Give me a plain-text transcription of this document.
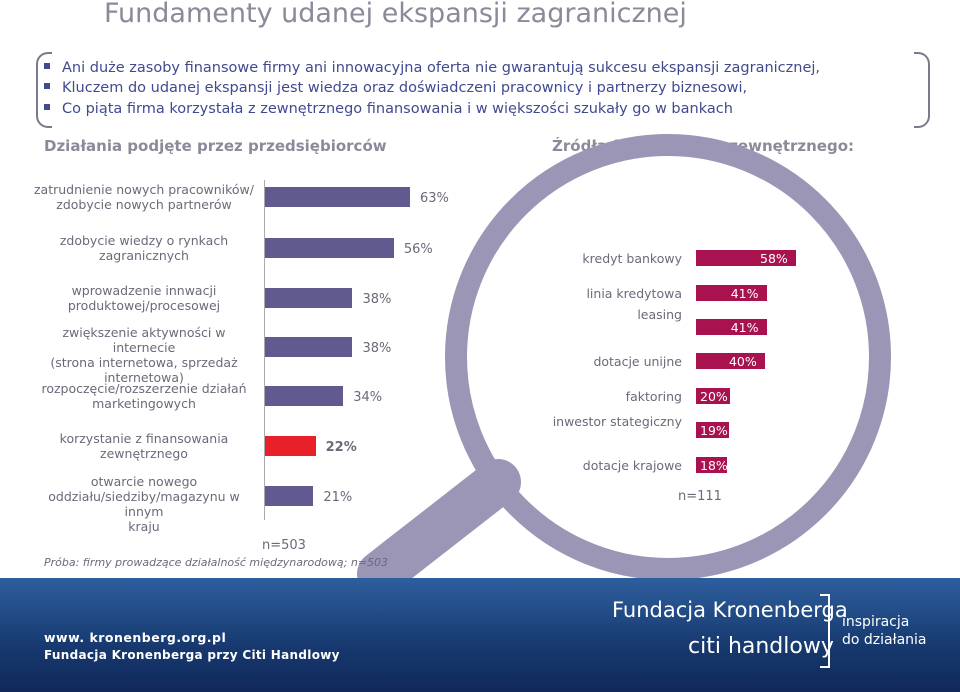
Fundamenty udanej ekspansji zagranicznej
Ani duże zasoby finansowe firmy ani innowacyjna oferta nie gwarantują sukcesu ekspansji zagranicznej,
Kluczem do udanej ekspansji jest wiedza oraz doświadczeni pracownicy i partnerzy biznesowi,
Co piąta firma korzystała z zewnętrznego finansowania i w większości szukały go w bankach
Działania podjęte przez przedsiębiorców	Źródła finansowania zewnętrznego:
63%
zatrudnienie nowych pracowników/
zdobycie nowych partnerów
56%
zdobycie wiedzy o rynkach
zagranicznych
38%
wprowadzenie innwacji
produktowej/procesowej
38%
zwiększenie aktywności w internecie
(strona internetowa, sprzedaż
internetowa)
34%
rozpoczęcie/rozszerzenie działań
marketingowych
22%
korzystanie z finansowania
zewnętrznego
21%
otwarcie nowego
oddziału/siedziby/magazynu w innym
kraju
58%
kredyt bankowy
41%
linia kredytowa
41%
leasing
40%
dotacje unijne
20%
faktoring
19%
inwestor stategiczny
18%
dotacje krajowe
n=503
Próba: firmy prowadzące działalność międzynarodową; n=503
n=111
www. kronenberg.org.pl
Fundacja Kronenberga przy Citi Handlowy
Fundacja Kronenberga
citi handlowy
inspiracja
do działania
